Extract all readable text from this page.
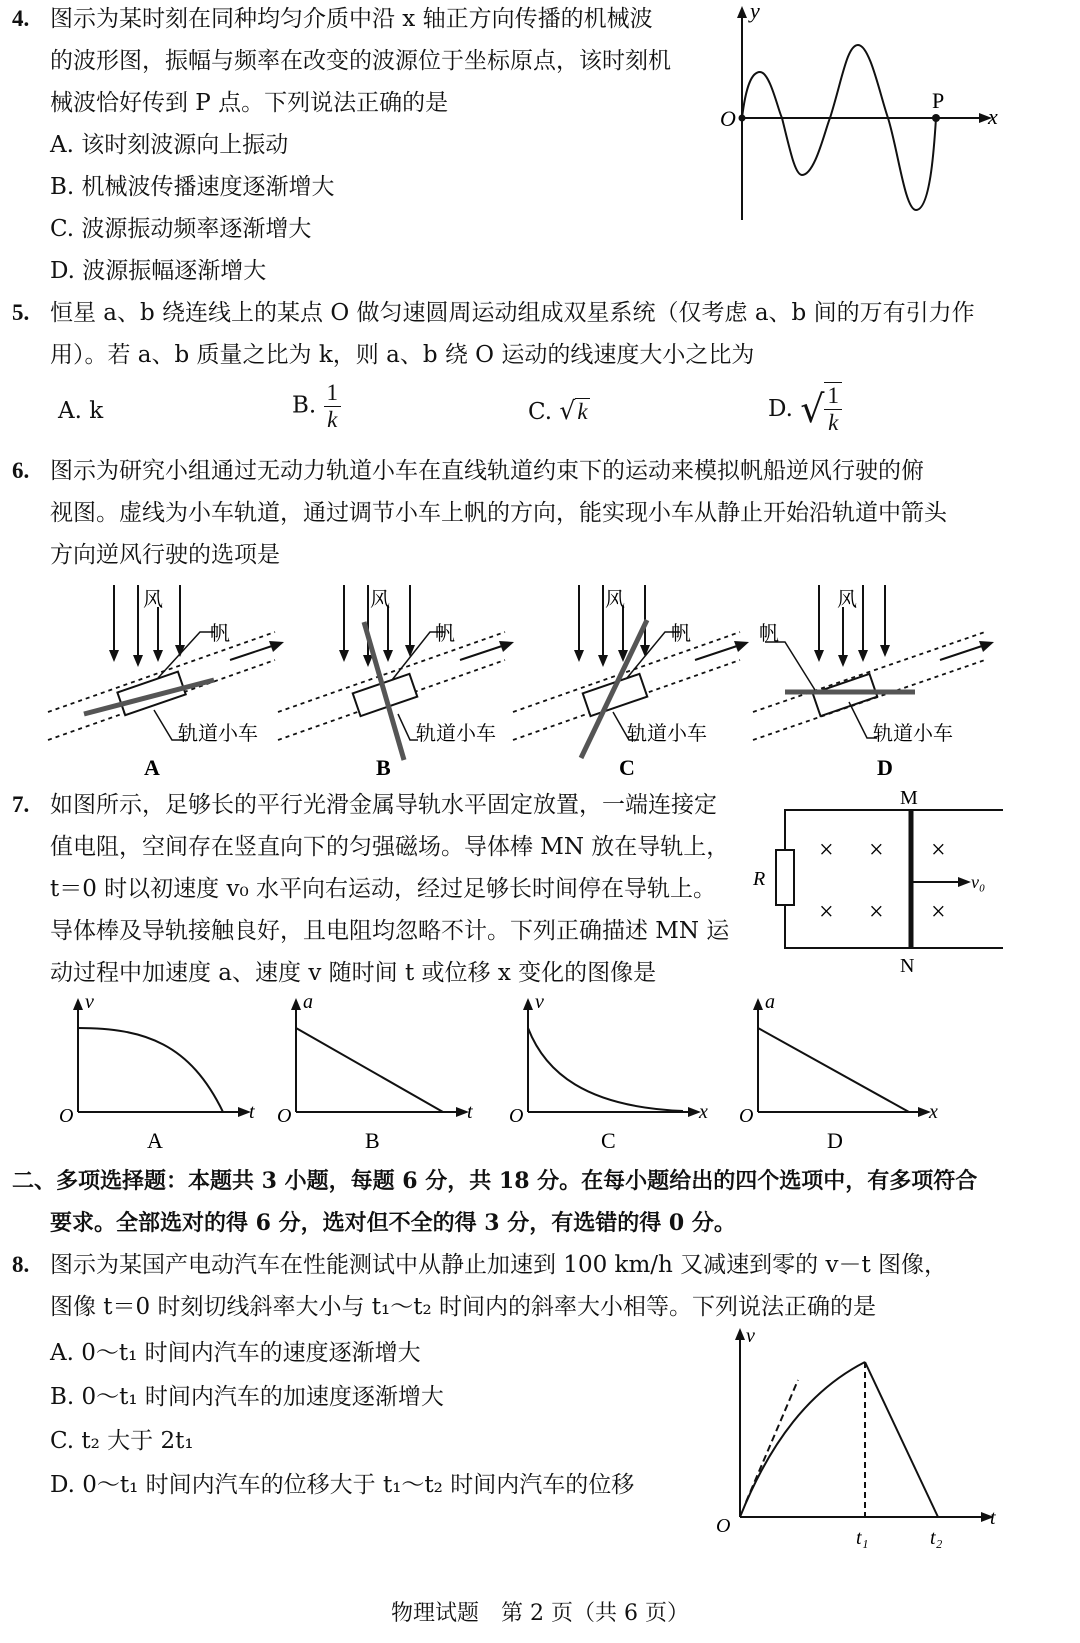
4. 图示为某时刻在同种均匀介质中沿 x 轴正方向传播的机械波
的波形图，振幅与频率在改变的波源位于坐标原点，该时刻机
械波恰好传到 P 点。下列说法正确的是
A. 该时刻波源向上振动
B. 机械波传播速度逐渐增大
C. 波源振动频率逐渐增大
D. 波源振幅逐渐增大
y
O
P
x
5. 恒星 a、b 绕连线上的某点 O 做匀速圆周运动组成双星系统（仅考虑 a、b 间的万有引力作
用）。若 a、b 质量之比为 k，则 a、b 绕 O 运动的线速度大小之比为
A. k	B. $\frac{1}{k}$	C. √k	D. √ $\frac{1}{k}$
6. 图示为研究小组通过无动力轨道小车在直线轨道约束下的运动来模拟帆船逆风行驶的俯
视图。虚线为小车轨道，通过调节小车上帆的方向，能实现小车从静止开始沿轨道中箭头
方向逆风行驶的选项是
风
帆
轨道小车
A
风
帆
轨道小车
B
风
帆
轨道小车
C
风
帆
轨道小车
D
7. 如图所示，足够长的平行光滑金属导轨水平固定放置，一端连接定
值电阻，空间存在竖直向下的匀强磁场。导体棒 MN 放在导轨上，
t＝0 时以初速度 v₀ 水平向右运动，经过足够长时间停在导轨上。
导体棒及导轨接触良好，且电阻均忽略不计。下列正确描述 MN 运
动过程中加速度 a、速度 v 随时间 t 或位移 x 变化的图像是
× × ×
× × ×
M
N
R	v₀
v
O	t
A
a
O	t
B
v
O	x
C
a
O	x
D
二、多项选择题：本题共 3 小题，每题 6 分，共 18 分。在每小题给出的四个选项中，有多项符合
要求。全部选对的得 6 分，选对但不全的得 3 分，有选错的得 0 分。
8. 图示为某国产电动汽车在性能测试中从静止加速到 100 km/h 又减速到零的 v－t 图像，
图像 t＝0 时刻切线斜率大小与 t₁～t₂ 时间内的斜率大小相等。下列说法正确的是
A. 0～t₁ 时间内汽车的速度逐渐增大
B. 0～t₁ 时间内汽车的加速度逐渐增大
C. t₂ 大于 2t₁
D. 0～t₁ 时间内汽车的位移大于 t₁～t₂ 时间内汽车的位移
v
O	t
t₁	t₂
物理试题　第 2 页（共 6 页）
